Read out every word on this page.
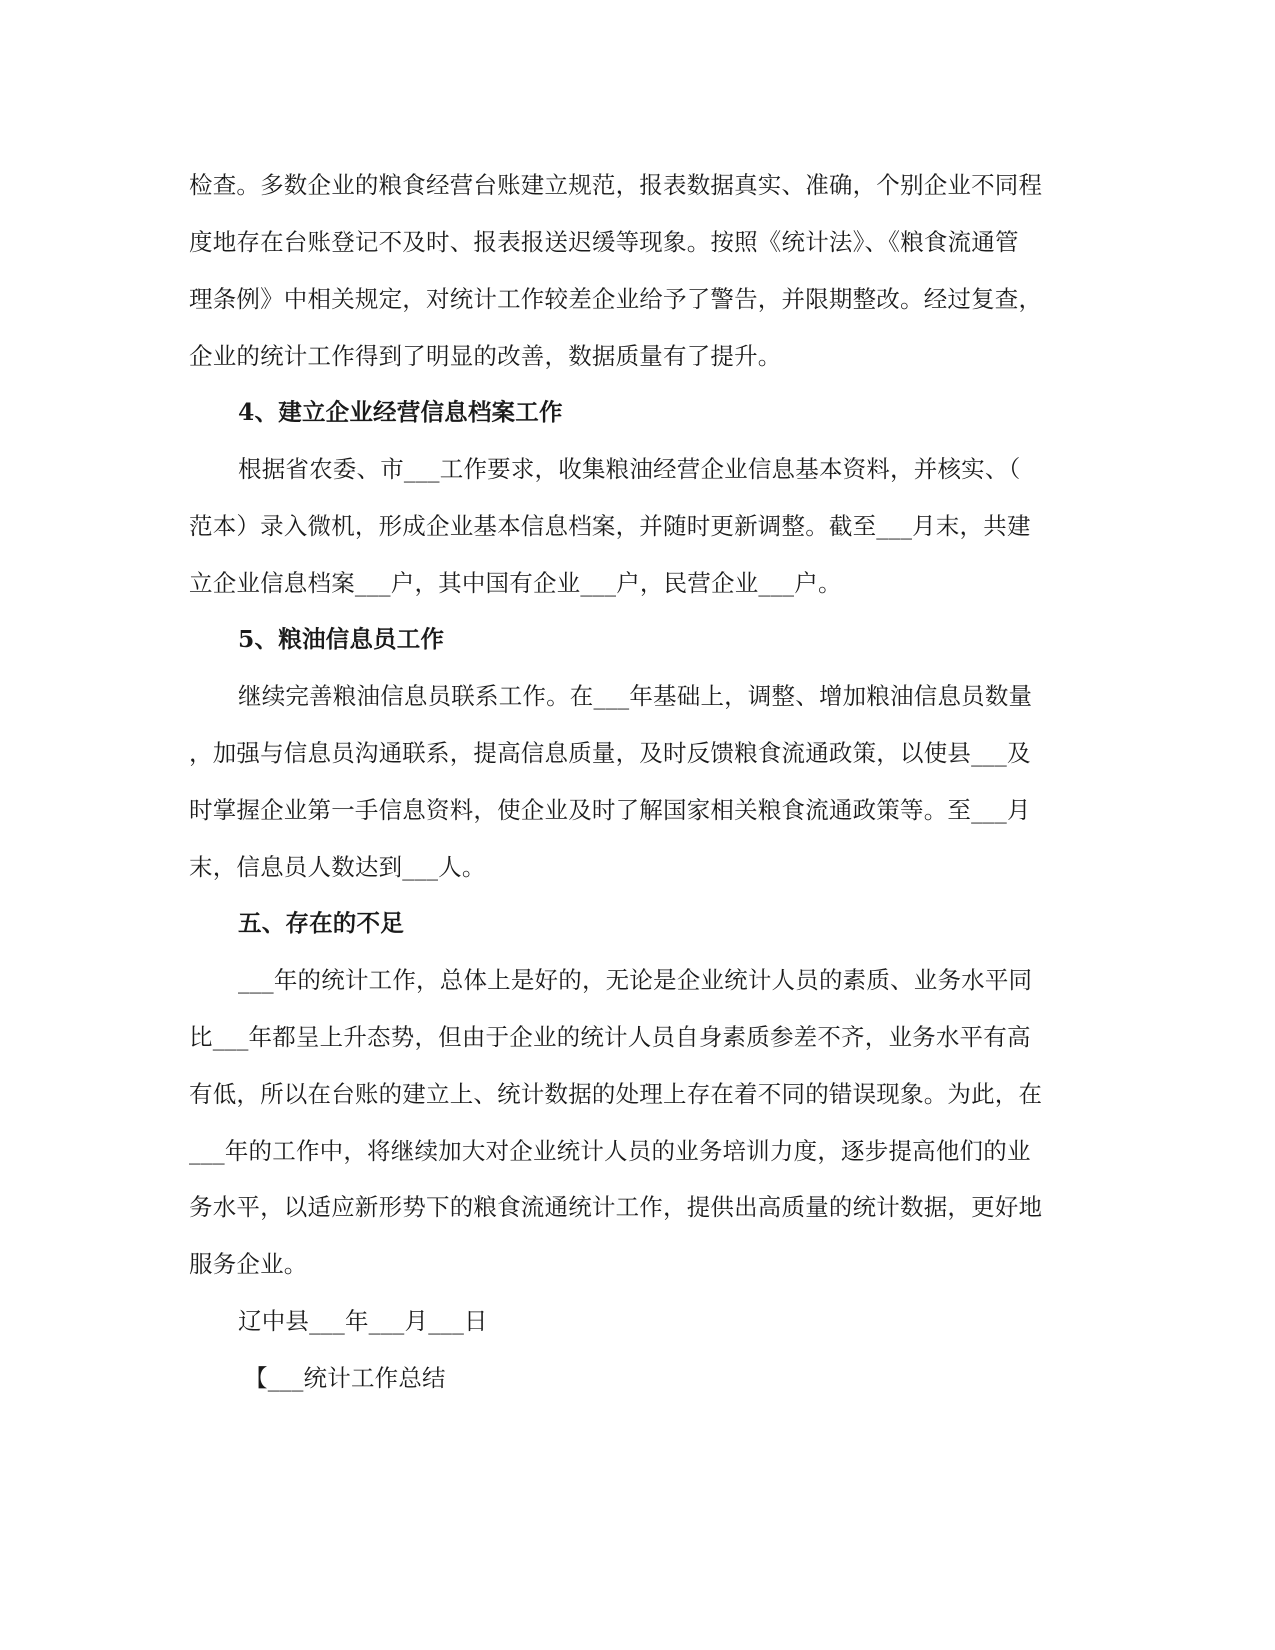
检查。多数企业的粮食经营台账建立规范，报表数据真实、准确，个别企业不同程
度地存在台账登记不及时、报表报送迟缓等现象。按照《统计法》、《粮食流通管
理条例》中相关规定，对统计工作较差企业给予了警告，并限期整改。经过复查，
企业的统计工作得到了明显的改善，数据质量有了提升。
4、建立企业经营信息档案工作
根据省农委、市___工作要求，收集粮油经营企业信息基本资料，并核实、（
范本）录入微机，形成企业基本信息档案，并随时更新调整。截至___月末，共建
立企业信息档案___户，其中国有企业___户，民营企业___户。
5、粮油信息员工作
继续完善粮油信息员联系工作。在___年基础上，调整、增加粮油信息员数量
，加强与信息员沟通联系，提高信息质量，及时反馈粮食流通政策，以使县___及
时掌握企业第一手信息资料，使企业及时了解国家相关粮食流通政策等。至___月
末，信息员人数达到___人。
五、存在的不足
___年的统计工作，总体上是好的，无论是企业统计人员的素质、业务水平同
比___年都呈上升态势，但由于企业的统计人员自身素质参差不齐，业务水平有高
有低，所以在台账的建立上、统计数据的处理上存在着不同的错误现象。为此，在
___年的工作中，将继续加大对企业统计人员的业务培训力度，逐步提高他们的业
务水平，以适应新形势下的粮食流通统计工作，提供出高质量的统计数据，更好地
服务企业。
辽中县___年___月___日
【___统计工作总结
